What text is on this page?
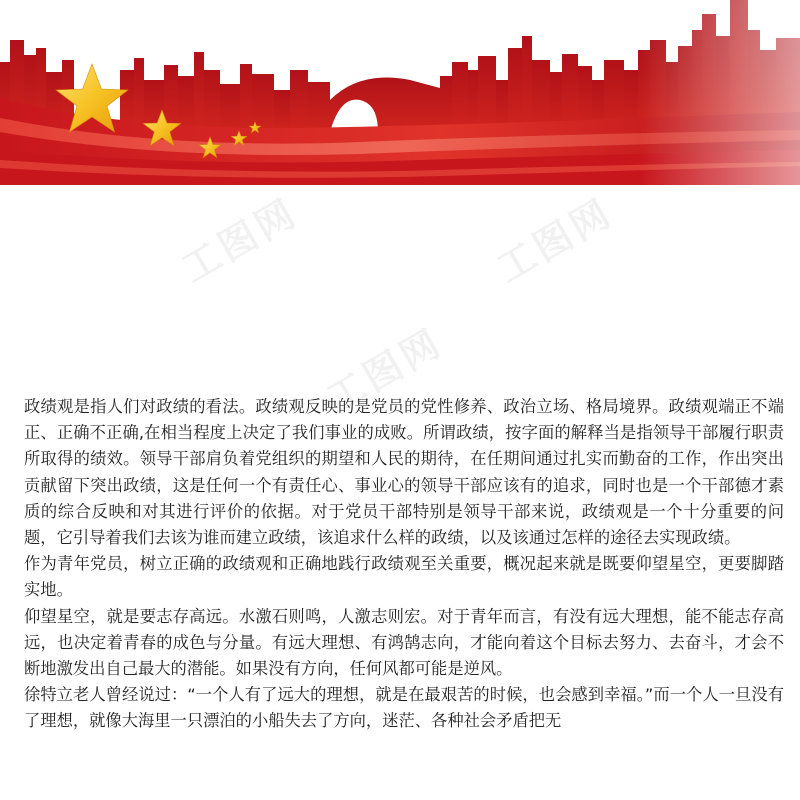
工图网	工图网
工图网

政绩观是指人们对政绩的看法。政绩观反映的是党员的党性修养、政治立场、格局境界。政绩观端正不端正、正确不正确,在相当程度上决定了我们事业的成败。所谓政绩，按字面的解释当是指领导干部履行职责所取得的绩效。领导干部肩负着党组织的期望和人民的期待，在任期间通过扎实而勤奋的工作，作出突出贡献留下突出政绩，这是任何一个有责任心、事业心的领导干部应该有的追求，同时也是一个干部德才素质的综合反映和对其进行评价的依据。对于党员干部特别是领导干部来说，政绩观是一个十分重要的问题，它引导着我们去该为谁而建立政绩，该追求什么样的政绩，以及该通过怎样的途径去实现政绩。

作为青年党员，树立正确的政绩观和正确地践行政绩观至关重要，概况起来就是既要仰望星空，更要脚踏实地。

仰望星空，就是要志存高远。水激石则鸣，人激志则宏。对于青年而言，有没有远大理想，能不能志存高远，也决定着青春的成色与分量。有远大理想、有鸿鹄志向，才能向着这个目标去努力、去奋斗，才会不断地激发出自己最大的潜能。如果没有方向，任何风都可能是逆风。

徐特立老人曾经说过：“一个人有了远大的理想，就是在最艰苦的时候，也会感到幸福。”而一个人一旦没有了理想，就像大海里一只漂泊的小船失去了方向，迷茫、各种社会矛盾把无
